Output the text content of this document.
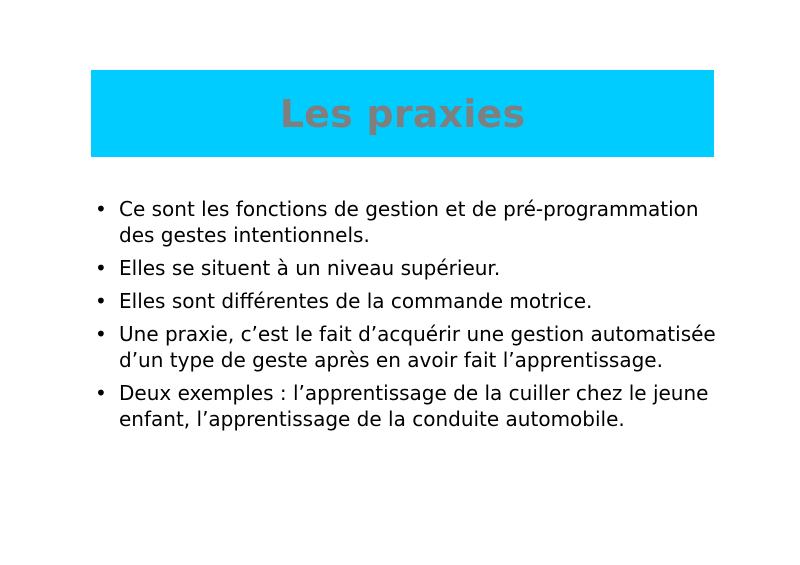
Les praxies
• Ce sont les fonctions de gestion et de pré-programmation des gestes intentionnels.
• Elles se situent à un niveau supérieur.
• Elles sont différentes de la commande motrice.
• Une praxie, c’est le fait d’acquérir une gestion automatisée d’un type de geste après en avoir fait l’apprentissage.
• Deux exemples : l’apprentissage de la cuiller chez le jeune enfant, l’apprentissage de la conduite automobile.
